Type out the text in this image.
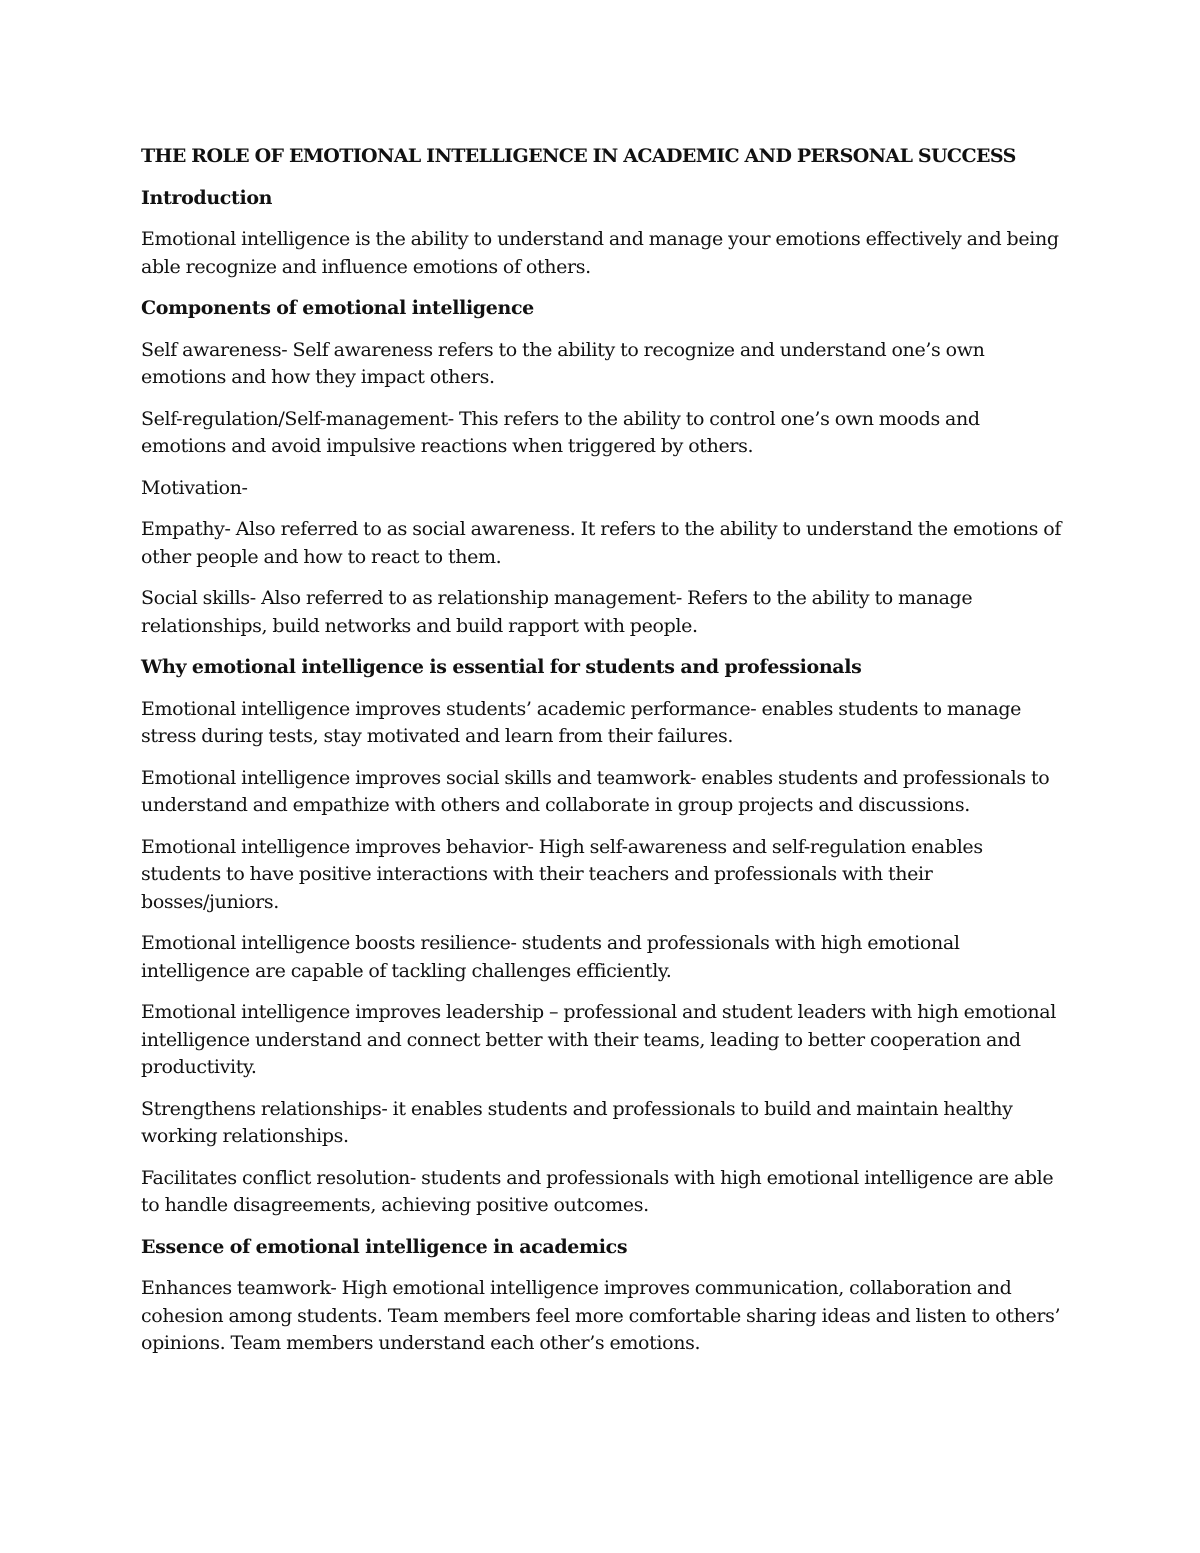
THE ROLE OF EMOTIONAL INTELLIGENCE IN ACADEMIC AND PERSONAL SUCCESS

Introduction

Emotional intelligence is the ability to understand and manage your emotions effectively and being able recognize and influence emotions of others.

Components of emotional intelligence

Self awareness- Self awareness refers to the ability to recognize and understand one’s own emotions and how they impact others.

Self-regulation/Self-management- This refers to the ability to control one’s own moods and emotions and avoid impulsive reactions when triggered by others.

Motivation-

Empathy- Also referred to as social awareness. It refers to the ability to understand the emotions of other people and how to react to them.

Social skills- Also referred to as relationship management- Refers to the ability to manage relationships, build networks and build rapport with people.

Why emotional intelligence is essential for students and professionals

Emotional intelligence improves students’ academic performance- enables students to manage stress during tests, stay motivated and learn from their failures.

Emotional intelligence improves social skills and teamwork- enables students and professionals to understand and empathize with others and collaborate in group projects and discussions.

Emotional intelligence improves behavior- High self-awareness and self-regulation enables students to have positive interactions with their teachers and professionals with their bosses/juniors.

Emotional intelligence boosts resilience- students and professionals with high emotional intelligence are capable of tackling challenges efficiently.

Emotional intelligence improves leadership – professional and student leaders with high emotional intelligence understand and connect better with their teams, leading to better cooperation and productivity.

Strengthens relationships- it enables students and professionals to build and maintain healthy working relationships.

Facilitates conflict resolution- students and professionals with high emotional intelligence are able to handle disagreements, achieving positive outcomes.

Essence of emotional intelligence in academics

Enhances teamwork- High emotional intelligence improves communication, collaboration and cohesion among students. Team members feel more comfortable sharing ideas and listen to others’ opinions. Team members understand each other’s emotions.
